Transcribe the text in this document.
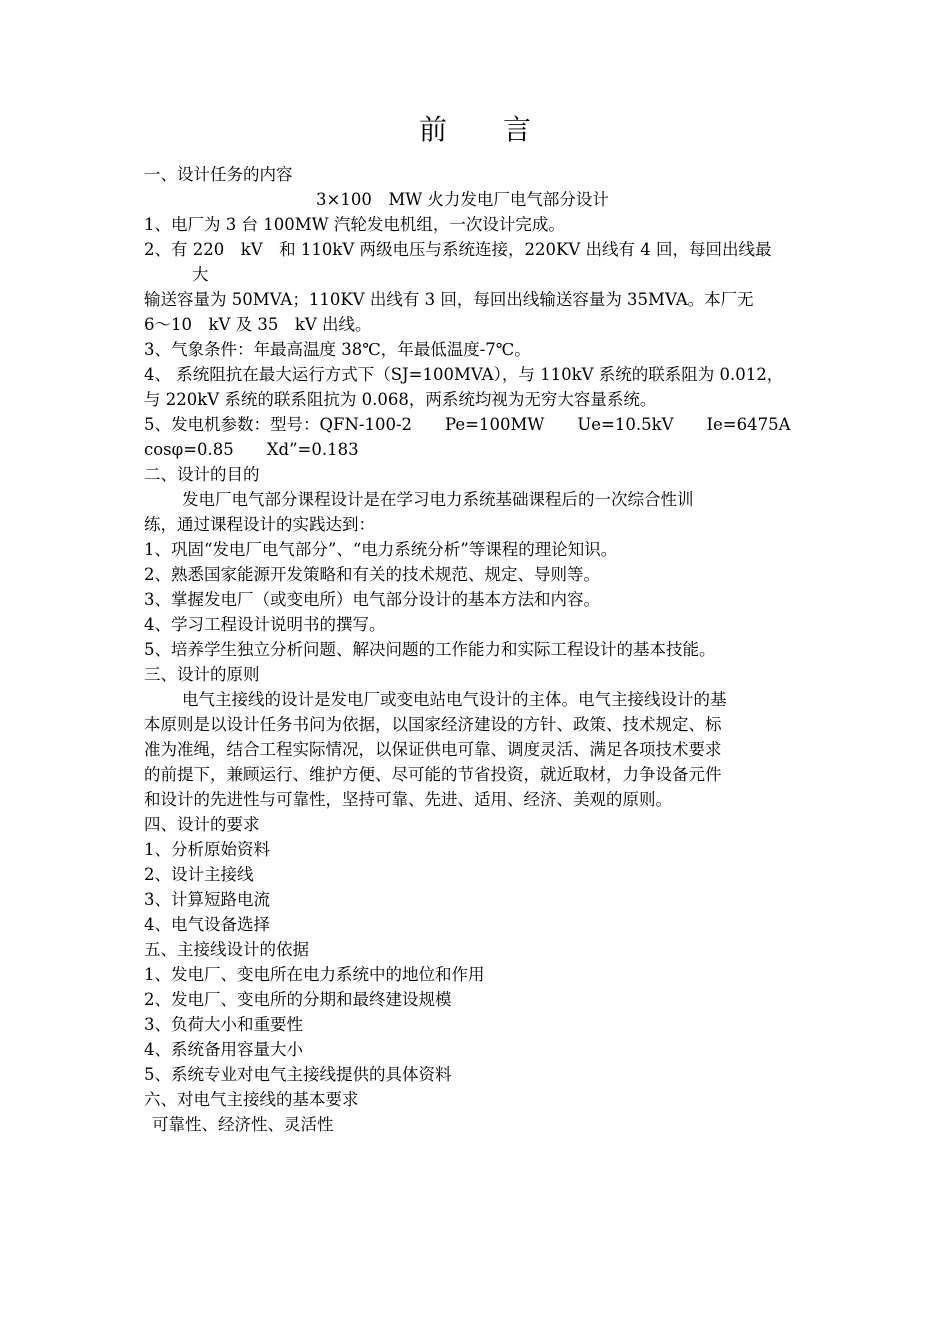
前 言
一、设计任务的内容
3×100　MW 火力发电厂电气部分设计
1、电厂为 3 台 100MW 汽轮发电机组，一次设计完成。
2、有 220　kV　和 110kV 两级电压与系统连接，220KV 出线有 4 回，每回出线最
大
输送容量为 50MVA；110KV 出线有 3 回，每回出线输送容量为 35MVA。本厂无
6～10　kV 及 35　kV 出线。
3、气象条件：年最高温度 38℃，年最低温度-7℃。
4、 系统阻抗在最大运行方式下（SJ=100MVA），与 110kV 系统的联系阻为 0.012，
与 220kV 系统的联系阻抗为 0.068，两系统均视为无穷大容量系统。
5、发电机参数：型号：QFN-100-2　　Pe=100MW　　Ue=10.5kV　　Ie=6475A
cosφ=0.85　　Xd”=0.183
二、设计的目的
发电厂电气部分课程设计是在学习电力系统基础课程后的一次综合性训
练，通过课程设计的实践达到：
1、巩固“发电厂电气部分”、“电力系统分析”等课程的理论知识。
2、熟悉国家能源开发策略和有关的技术规范、规定、导则等。
3、掌握发电厂（或变电所）电气部分设计的基本方法和内容。
4、学习工程设计说明书的撰写。
5、培养学生独立分析问题、解决问题的工作能力和实际工程设计的基本技能。
三、设计的原则
电气主接线的设计是发电厂或变电站电气设计的主体。电气主接线设计的基
本原则是以设计任务书问为依据，以国家经济建设的方针、政策、技术规定、标
准为准绳，结合工程实际情况，以保证供电可靠、调度灵活、满足各项技术要求
的前提下，兼顾运行、维护方便、尽可能的节省投资，就近取材，力争设备元件
和设计的先进性与可靠性，坚持可靠、先进、适用、经济、美观的原则。
四、设计的要求
1、分析原始资料
2、设计主接线
3、计算短路电流
4、电气设备选择
五、主接线设计的依据
1、发电厂、变电所在电力系统中的地位和作用
2、发电厂、变电所的分期和最终建设规模
3、负荷大小和重要性
4、系统备用容量大小
5、系统专业对电气主接线提供的具体资料
六、对电气主接线的基本要求
可靠性、经济性、灵活性
